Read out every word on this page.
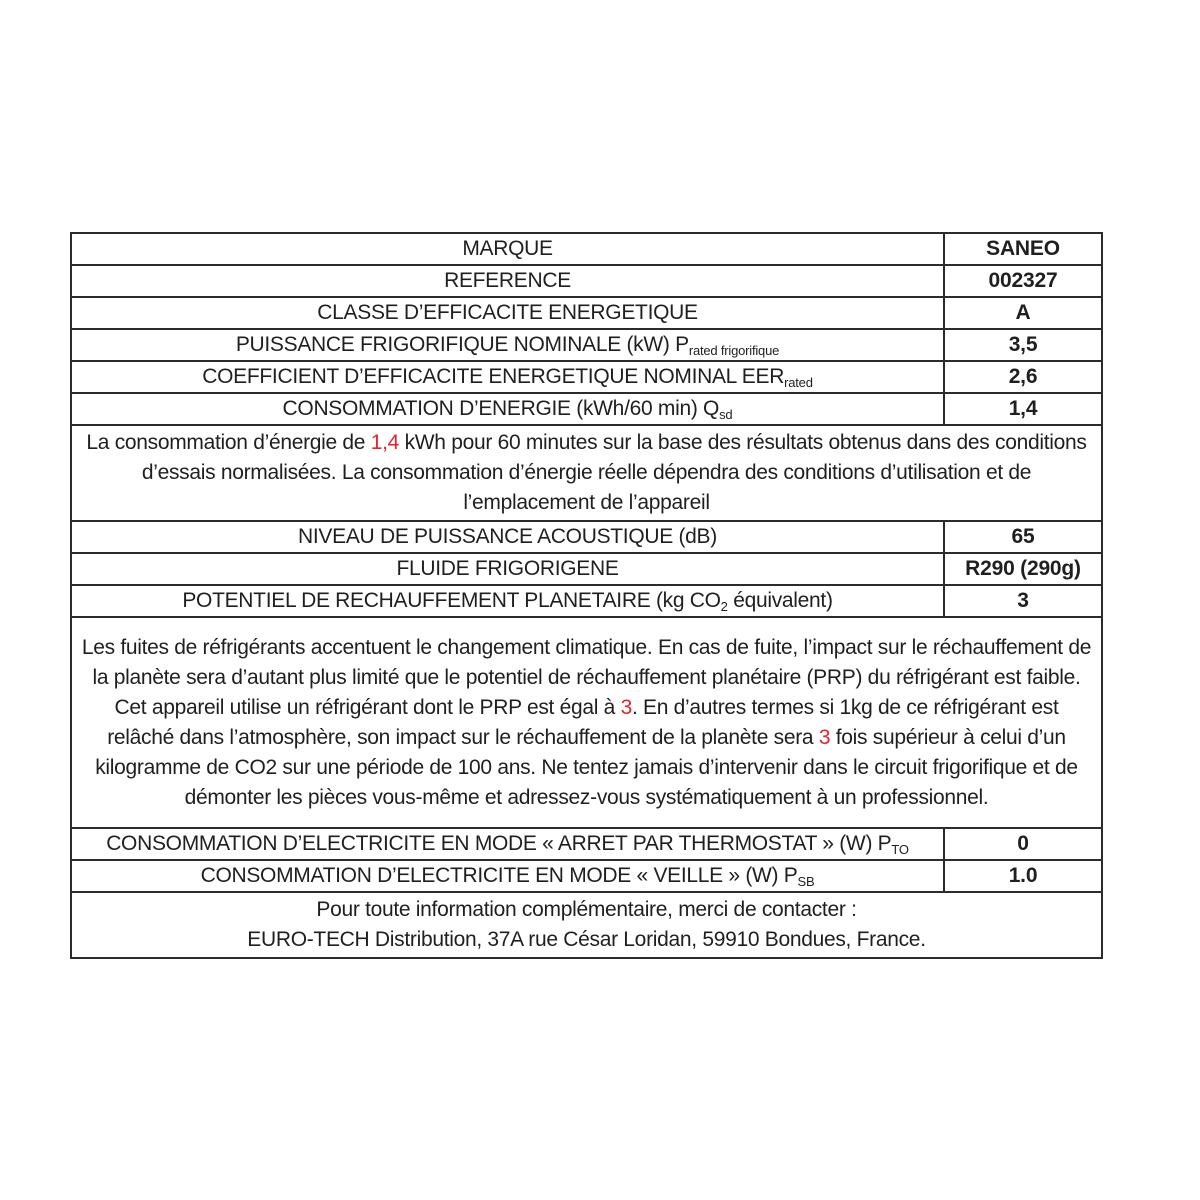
MARQUE	SANEO
REFERENCE	002327
CLASSE D’EFFICACITE ENERGETIQUE	A
PUISSANCE FRIGORIFIQUE NOMINALE (kW) $P_{rated frigorifique}$	3,5
COEFFICIENT D’EFFICACITE ENERGETIQUE NOMINAL $EER_{rated}$	2,6
CONSOMMATION D’ENERGIE (kWh/60 min) $Q_{sd}$	1,4
La consommation d’énergie de 1,4 kWh pour 60 minutes sur la base des résultats obtenus dans des conditions d’essais normalisées. La consommation d’énergie réelle dépendra des conditions d’utilisation et de l’emplacement de l’appareil	
NIVEAU DE PUISSANCE ACOUSTIQUE (dB)	65
FLUIDE FRIGORIGENE	R290 (290g)
POTENTIEL DE RECHAUFFEMENT PLANETAIRE (kg $CO_2$ équivalent)	3
Les fuites de réfrigérants accentuent le changement climatique. En cas de fuite, l’impact sur le réchauffement de la planète sera d’autant plus limité que le potentiel de réchauffement planétaire (PRP) du réfrigérant est faible. Cet appareil utilise un réfrigérant dont le PRP est égal à 3. En d’autres termes si 1kg de ce réfrigérant est relâché dans l’atmosphère, son impact sur le réchauffement de la planète sera 3 fois supérieur à celui d’un kilogramme de CO2 sur une période de 100 ans. Ne tentez jamais d’intervenir dans le circuit frigorifique et de démonter les pièces vous-même et adressez-vous systématiquement à un professionnel.	
CONSOMMATION D’ELECTRICITE EN MODE « ARRET PAR THERMOSTAT » (W) $P_{TO}$	0
CONSOMMATION D’ELECTRICITE EN MODE « VEILLE » (W) $P_{SB}$	1.0

Pour toute information complémentaire, merci de contacter :
EURO-TECH Distribution, 37A rue César Loridan, 59910 Bondues, France.	
